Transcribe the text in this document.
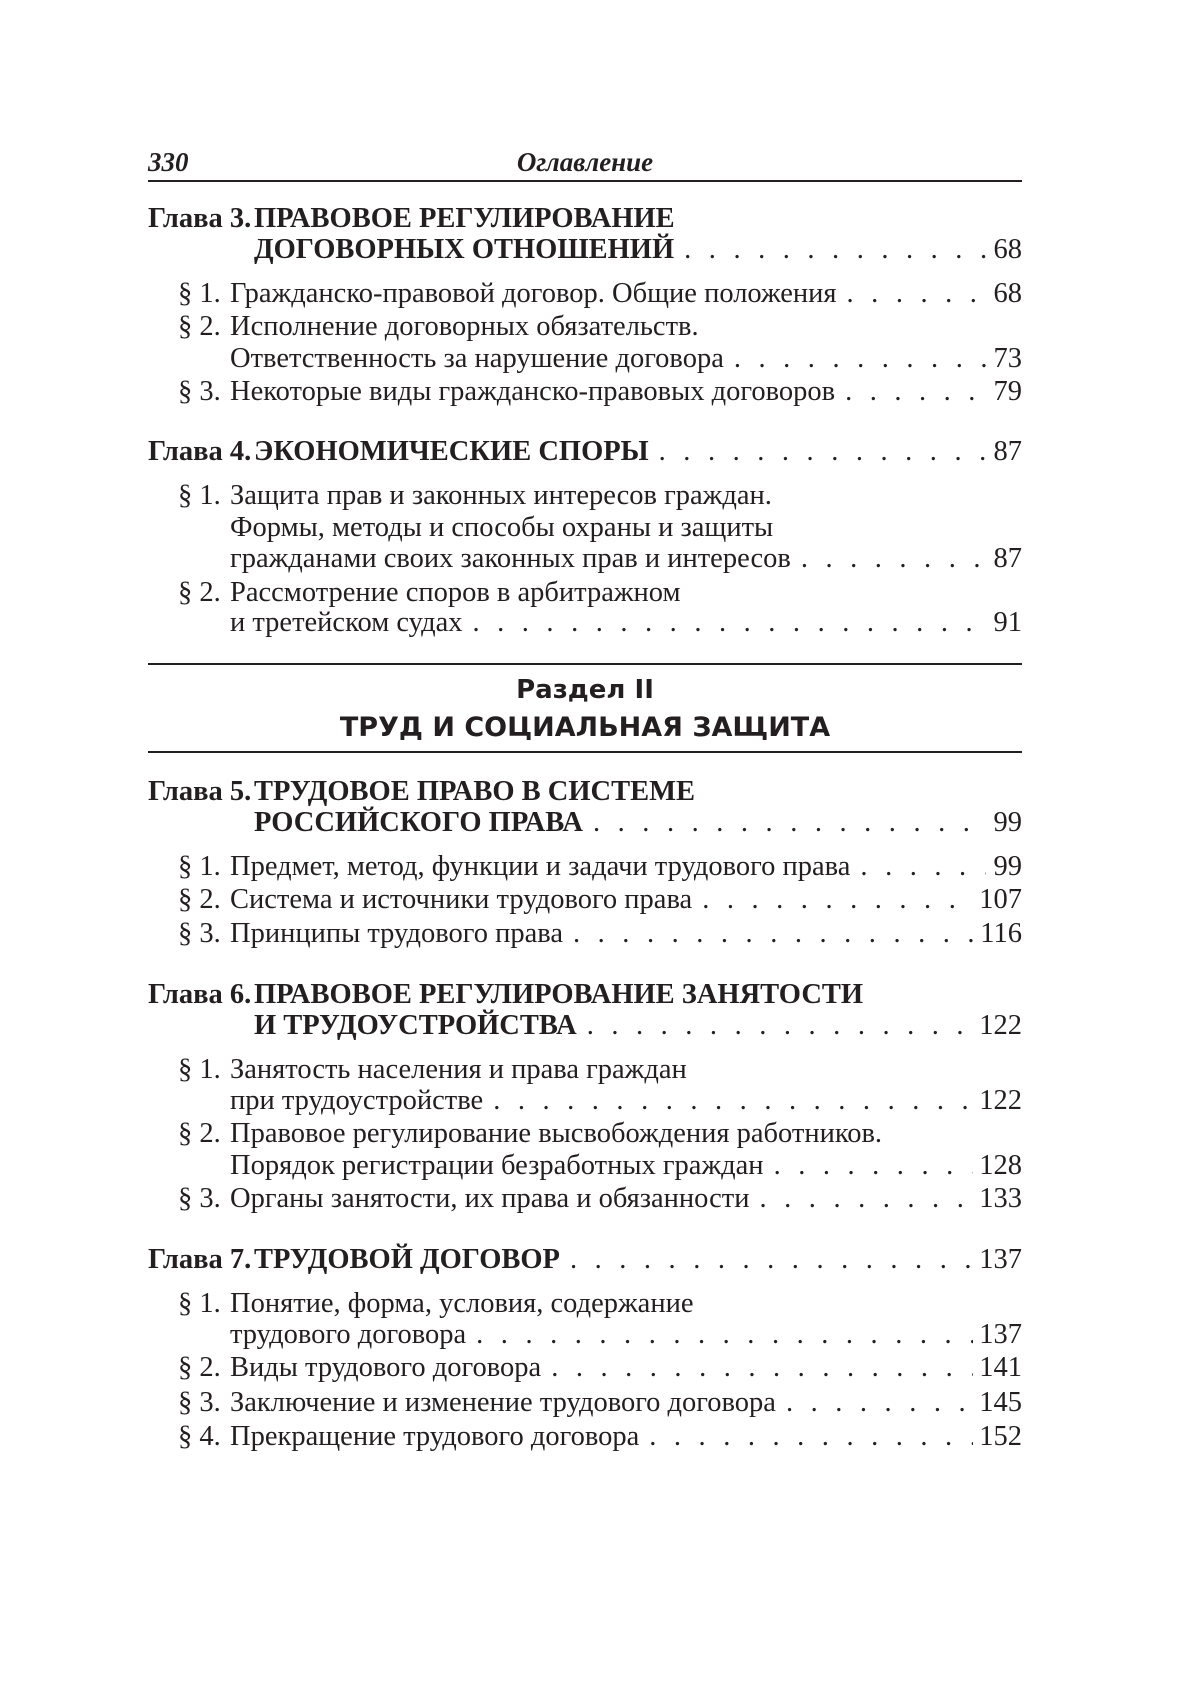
330	Оглавление
Глава 3. ПРАВОВОЕ РЕГУЛИРОВАНИЕ
ДОГОВОРНЫХ ОТНОШЕНИЙ . . .	68
§ 1. Гражданско-правовой договор. Общие положения . . .	68
§ 2. Исполнение договорных обязательств.
Ответственность за нарушение договора . . .	73
§ 3. Некоторые виды гражданско-правовых договоров . . .	79
Глава 4. ЭКОНОМИЧЕСКИЕ СПОРЫ . . .	87
§ 1. Защита прав и законных интересов граждан.
Формы, методы и способы охраны и защиты
гражданами своих законных прав и интересов . . .	87
§ 2. Рассмотрение споров в арбитражном
и третейском судах . . .	91
Раздел II
ТРУД И СОЦИАЛЬНАЯ ЗАЩИТА
Глава 5. ТРУДОВОЕ ПРАВО В СИСТЕМЕ
РОССИЙСКОГО ПРАВА . . .	99
§ 1. Предмет, метод, функции и задачи трудового права . . .	99
§ 2. Система и источники трудового права . . .	107
§ 3. Принципы трудового права . . .	116
Глава 6. ПРАВОВОЕ РЕГУЛИРОВАНИЕ ЗАНЯТОСТИ
И ТРУДОУСТРОЙСТВА . . .	122
§ 1. Занятость населения и права граждан
при трудоустройстве . . .	122
§ 2. Правовое регулирование высвобождения работников.
Порядок регистрации безработных граждан . . .	128
§ 3. Органы занятости, их права и обязанности . . .	133
Глава 7. ТРУДОВОЙ ДОГОВОР . . .	137
§ 1. Понятие, форма, условия, содержание
трудового договора . . .	137
§ 2. Виды трудового договора . . .	141
§ 3. Заключение и изменение трудового договора . . .	145
§ 4. Прекращение трудового договора . . .	152
